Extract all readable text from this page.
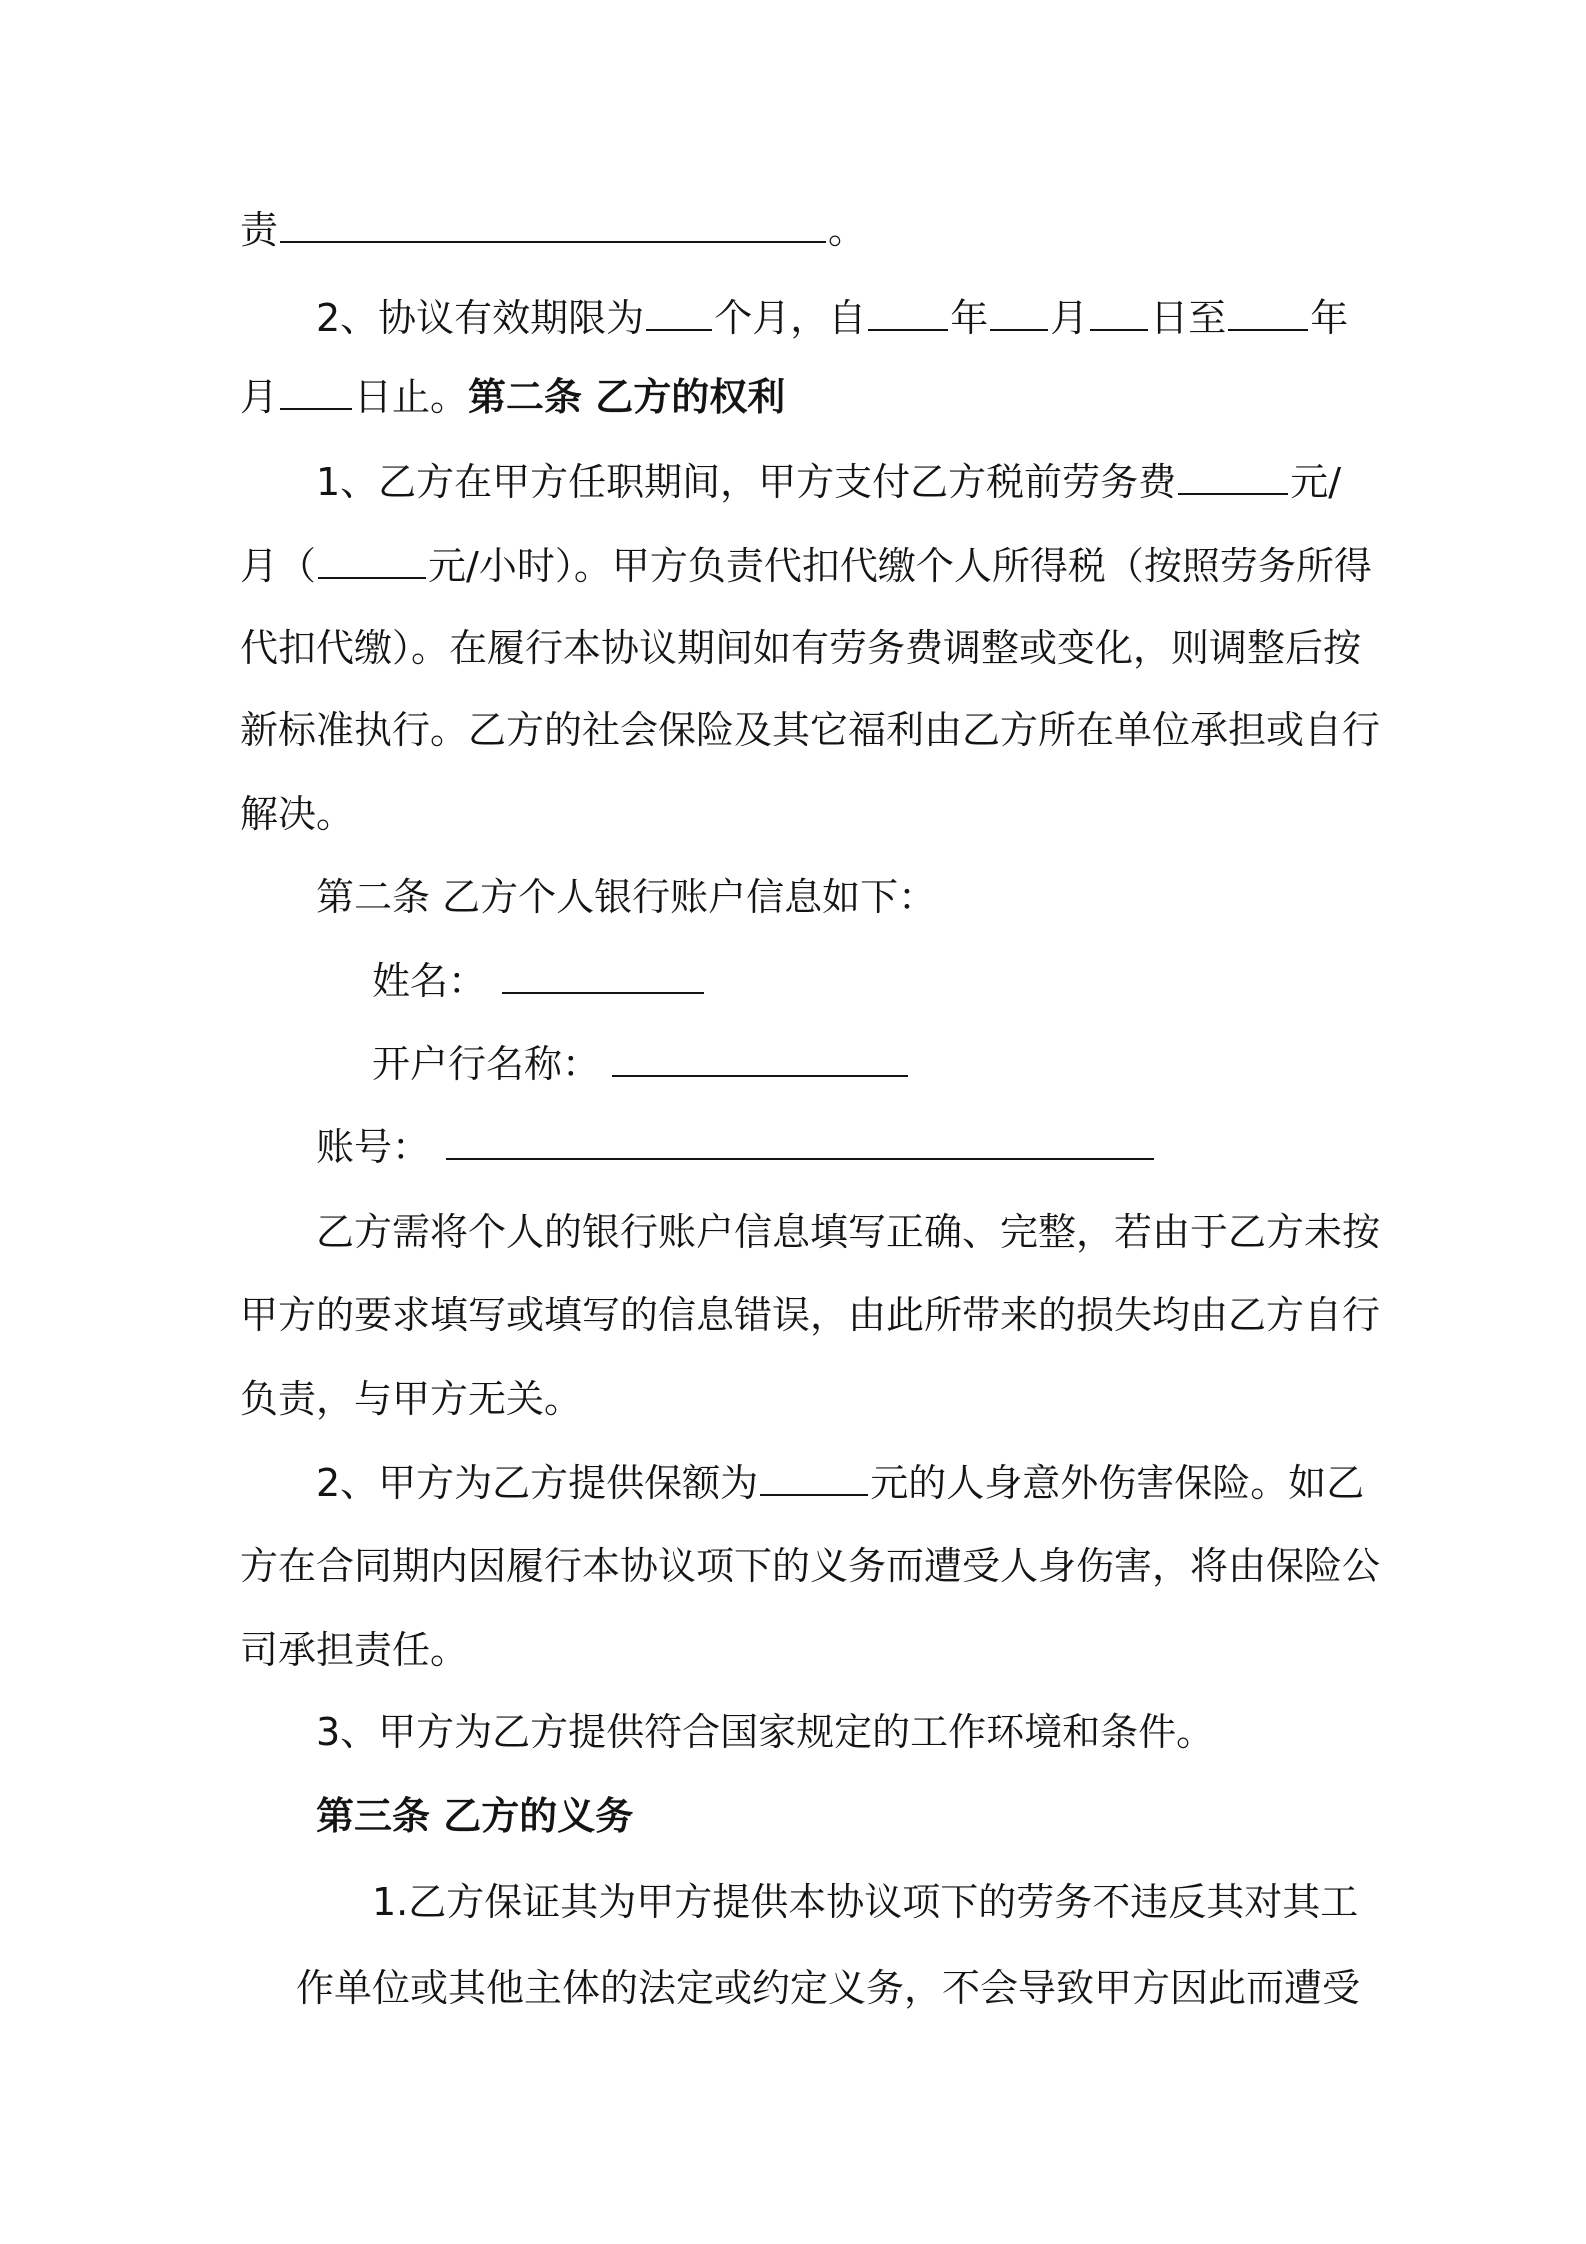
责	。
2、协议有效期限为 个月，自 年 月 日至 年
月 日止。第二条 乙方的权利
1、乙方在甲方任职期间，甲方支付乙方税前劳务费	元/
月（	元/小时）。甲方负责代扣代缴个人所得税（按照劳务所得
代扣代缴）。在履行本协议期间如有劳务费调整或变化，则调整后按
新标准执行。乙方的社会保险及其它福利由乙方所在单位承担或自行
解决。
第二条 乙方个人银行账户信息如下：
姓名：
开户行名称：
账号：
乙方需将个人的银行账户信息填写正确、完整，若由于乙方未按
甲方的要求填写或填写的信息错误，由此所带来的损失均由乙方自行
负责，与甲方无关。
2、甲方为乙方提供保额为	元的人身意外伤害保险。如乙
方在合同期内因履行本协议项下的义务而遭受人身伤害，将由保险公
司承担责任。
3、甲方为乙方提供符合国家规定的工作环境和条件。
第三条 乙方的义务
1.乙方保证其为甲方提供本协议项下的劳务不违反其对其工
作单位或其他主体的法定或约定义务，不会导致甲方因此而遭受
